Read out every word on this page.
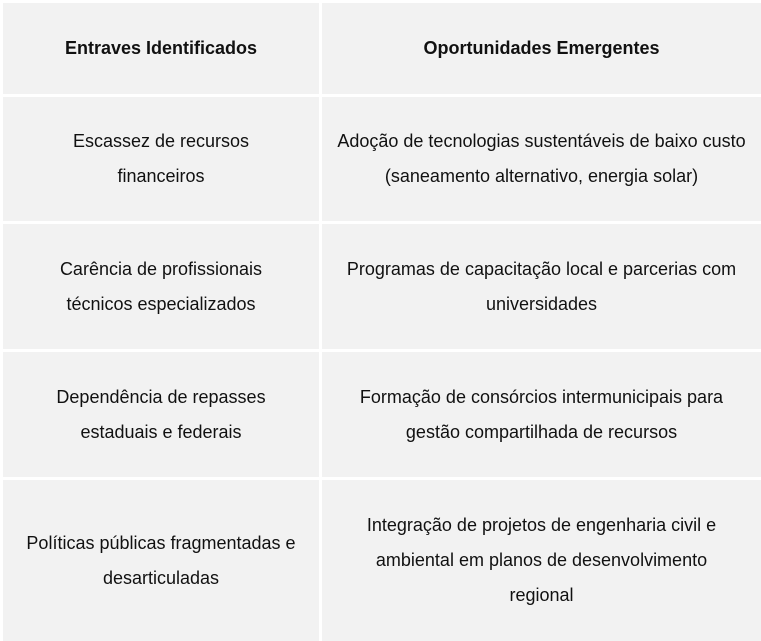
Entraves Identificados	Oportunidades Emergentes
Escassez de recursos financeiros
Adoção de tecnologias sustentáveis de baixo custo (saneamento alternativo, energia solar)
Carência de profissionais técnicos especializados
Programas de capacitação local e parcerias com universidades
Dependência de repasses estaduais e federais
Formação de consórcios intermunicipais para gestão compartilhada de recursos
Políticas públicas fragmentadas e desarticuladas
Integração de projetos de engenharia civil e ambiental em planos de desenvolvimento regional
